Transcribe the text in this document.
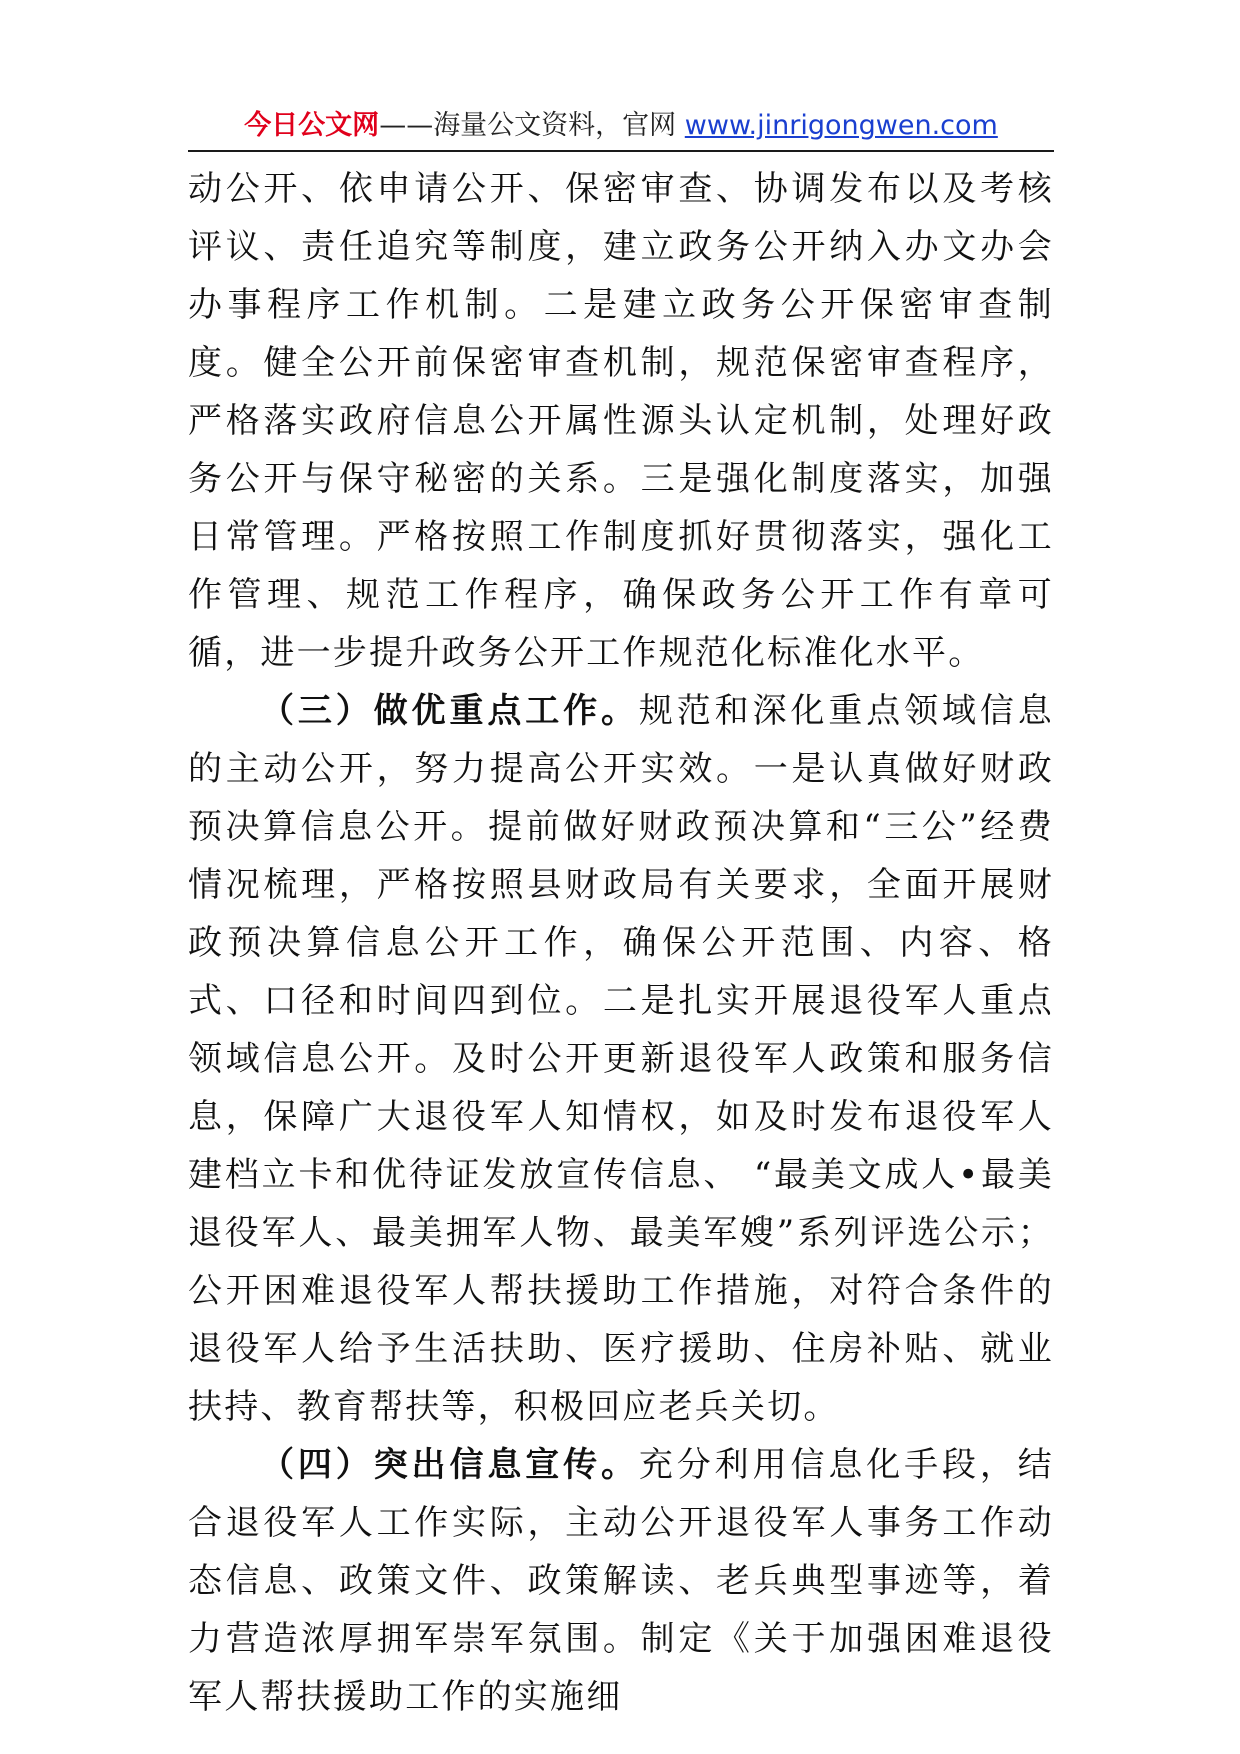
今日公文网——海量公文资料，官网 www.jinrigongwen.com

动公开、依申请公开、保密审查、协调发布以及考核评议、责任追究等制度，建立政务公开纳入办文办会办事程序工作机制。二是建立政务公开保密审查制度。健全公开前保密审查机制，规范保密审查程序，严格落实政府信息公开属性源头认定机制，处理好政务公开与保守秘密的关系。三是强化制度落实，加强日常管理。严格按照工作制度抓好贯彻落实，强化工作管理、规范工作程序，确保政务公开工作有章可循，进一步提升政务公开工作规范化标准化水平。

（三）做优重点工作。规范和深化重点领域信息的主动公开，努力提高公开实效。一是认真做好财政预决算信息公开。提前做好财政预决算和“三公”经费情况梳理，严格按照县财政局有关要求，全面开展财政预决算信息公开工作，确保公开范围、内容、格式、口径和时间四到位。二是扎实开展退役军人重点领域信息公开。及时公开更新退役军人政策和服务信息，保障广大退役军人知情权，如及时发布退役军人建档立卡和优待证发放宣传信息、 “最美文成人•最美退役军人、最美拥军人物、最美军嫂”系列评选公示；公开困难退役军人帮扶援助工作措施，对符合条件的退役军人给予生活扶助、医疗援助、住房补贴、就业扶持、教育帮扶等，积极回应老兵关切。

（四）突出信息宣传。充分利用信息化手段，结合退役军人工作实际，主动公开退役军人事务工作动态信息、政策文件、政策解读、老兵典型事迹等，着力营造浓厚拥军崇军氛围。制定《关于加强困难退役军人帮扶援助工作的实施细
